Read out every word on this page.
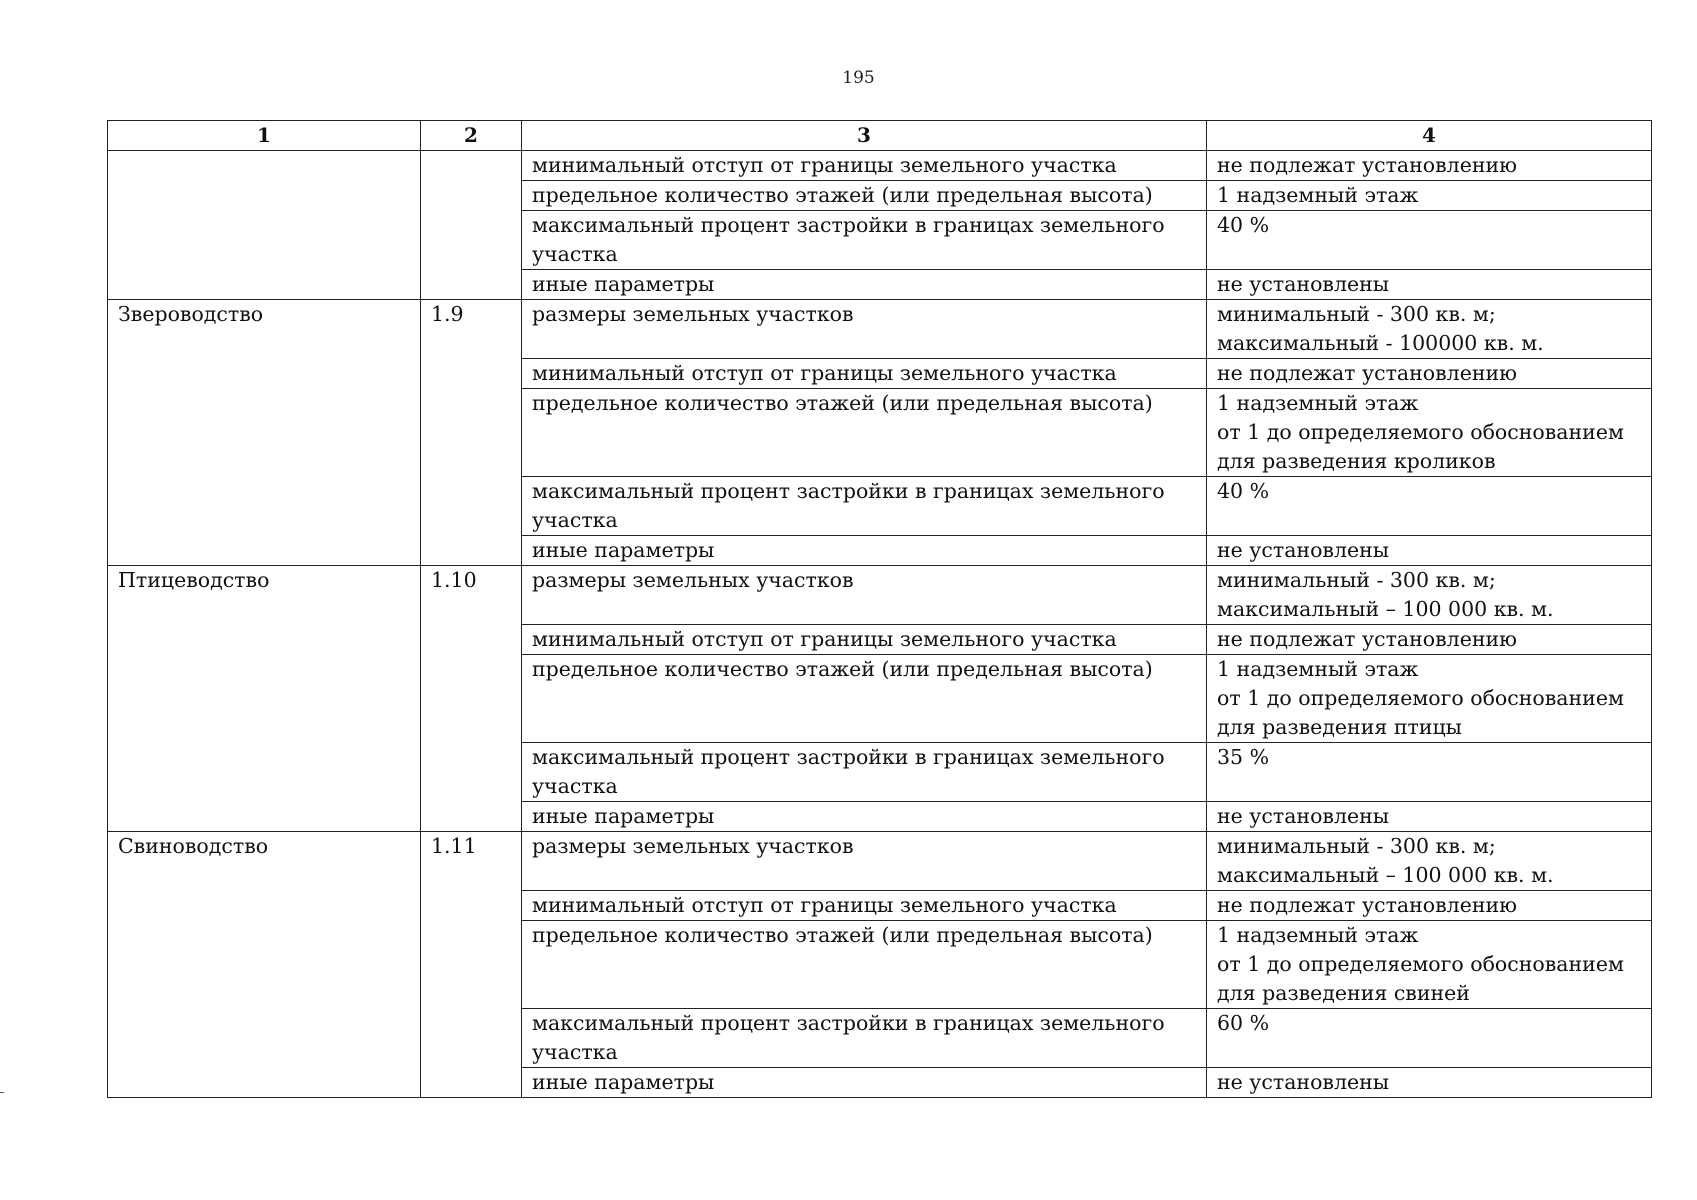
195
1	2	3	4
		минимальный отступ от границы земельного участка	не подлежат установлению

		предельное количество этажей (или предельная высота)	1 надземный этаж

		максимальный процент застройки в границах земельного участка	40 %

		иные параметры	не установлены

Звероводство	1.9	размеры земельных участков	минимальный - 300 кв. м;
максимальный - 100000 кв. м.

		минимальный отступ от границы земельного участка	не подлежат установлению

		предельное количество этажей (или предельная высота)	1 надземный этаж
от 1 до определяемого обоснованием для разведения кроликов

		максимальный процент застройки в границах земельного участка	40 %

		иные параметры	не установлены

Птицеводство	1.10	размеры земельных участков	минимальный - 300 кв. м;
максимальный – 100 000 кв. м.

		минимальный отступ от границы земельного участка	не подлежат установлению

		предельное количество этажей (или предельная высота)	1 надземный этаж
от 1 до определяемого обоснованием для разведения птицы

		максимальный процент застройки в границах земельного участка	35 %

		иные параметры	не установлены

Свиноводство	1.11	размеры земельных участков	минимальный - 300 кв. м;
максимальный – 100 000 кв. м.

		минимальный отступ от границы земельного участка	не подлежат установлению

		предельное количество этажей (или предельная высота)	1 надземный этаж
от 1 до определяемого обоснованием для разведения свиней

		максимальный процент застройки в границах земельного участка	60 %

		иные параметры	не установлены
